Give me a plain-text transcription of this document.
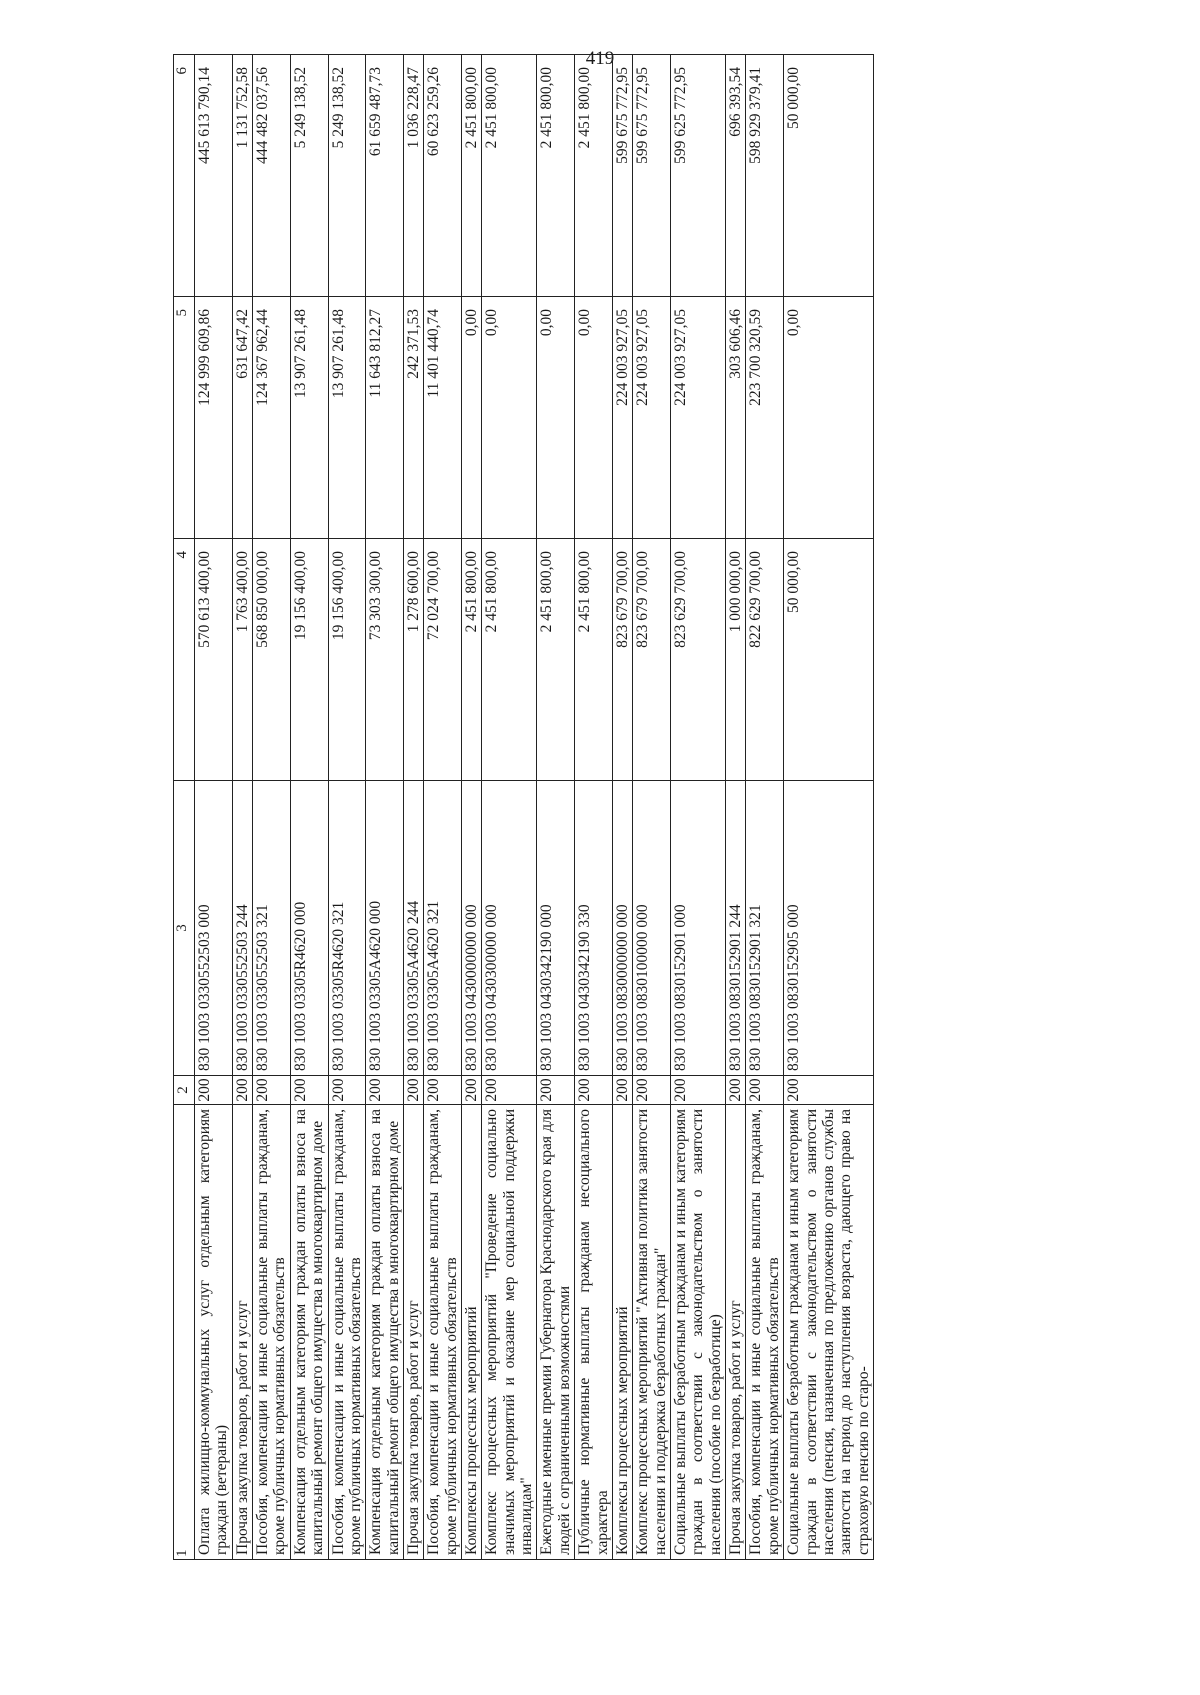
419
1	2	3	4	5	6
Оплата жилищно-коммунальных услуг отдельным категориям граждан (ветераны)	200	830 1003 0330552503 000	570 613 400,00	124 999 609,86	445 613 790,14
Прочая закупка товаров, работ и услуг	200	830 1003 0330552503 244	1 763 400,00	631 647,42	1 131 752,58
Пособия, компенсации и иные социальные выплаты гражданам, кроме публичных нормативных обязательств	200	830 1003 0330552503 321	568 850 000,00	124 367 962,44	444 482 037,56
Компенсация отдельным категориям граждан оплаты взноса на капитальный ремонт общего имущества в многоквартирном доме	200	830 1003 03305R4620 000	19 156 400,00	13 907 261,48	5 249 138,52
Пособия, компенсации и иные социальные выплаты гражданам, кроме публичных нормативных обязательств	200	830 1003 03305R4620 321	19 156 400,00	13 907 261,48	5 249 138,52
Компенсация отдельным категориям граждан оплаты взноса на капитальный ремонт общего имущества в многоквартирном доме	200	830 1003 03305A4620 000	73 303 300,00	11 643 812,27	61 659 487,73
Прочая закупка товаров, работ и услуг	200	830 1003 03305A4620 244	1 278 600,00	242 371,53	1 036 228,47
Пособия, компенсации и иные социальные выплаты гражданам, кроме публичных нормативных обязательств	200	830 1003 03305A4620 321	72 024 700,00	11 401 440,74	60 623 259,26
Комплексы процессных мероприятий	200	830 1003 0430000000 000	2 451 800,00	0,00	2 451 800,00
Комплекс процессных мероприятий "Проведение социально значимых мероприятий и оказание мер социальной поддержки инвалидам"	200	830 1003 0430300000 000	2 451 800,00	0,00	2 451 800,00
Ежегодные именные премии Губернатора Краснодарского края для людей с ограниченными возможностями	200	830 1003 0430342190 000	2 451 800,00	0,00	2 451 800,00
Публичные нормативные выплаты гражданам несоциального характера	200	830 1003 0430342190 330	2 451 800,00	0,00	2 451 800,00
Комплексы процессных мероприятий	200	830 1003 0830000000 000	823 679 700,00	224 003 927,05	599 675 772,95
Комплекс процессных мероприятий "Активная политика занятости населения и поддержка безработных граждан"	200	830 1003 0830100000 000	823 679 700,00	224 003 927,05	599 675 772,95
Социальные выплаты безработным гражданам и иным категориям граждан в соответствии с законодательством о занятости населения (пособие по безработице)	200	830 1003 0830152901 000	823 629 700,00	224 003 927,05	599 625 772,95
Прочая закупка товаров, работ и услуг	200	830 1003 0830152901 244	1 000 000,00	303 606,46	696 393,54
Пособия, компенсации и иные социальные выплаты гражданам, кроме публичных нормативных обязательств	200	830 1003 0830152901 321	822 629 700,00	223 700 320,59	598 929 379,41
Социальные выплаты безработным гражданам и иным категориям граждан в соответствии с законодательством о занятости населения (пенсия, назначенная по предложению органов службы занятости на период до наступления возраста, дающего право на страховую пенсию по старо-	200	830 1003 0830152905 000	50 000,00	0,00	50 000,00
